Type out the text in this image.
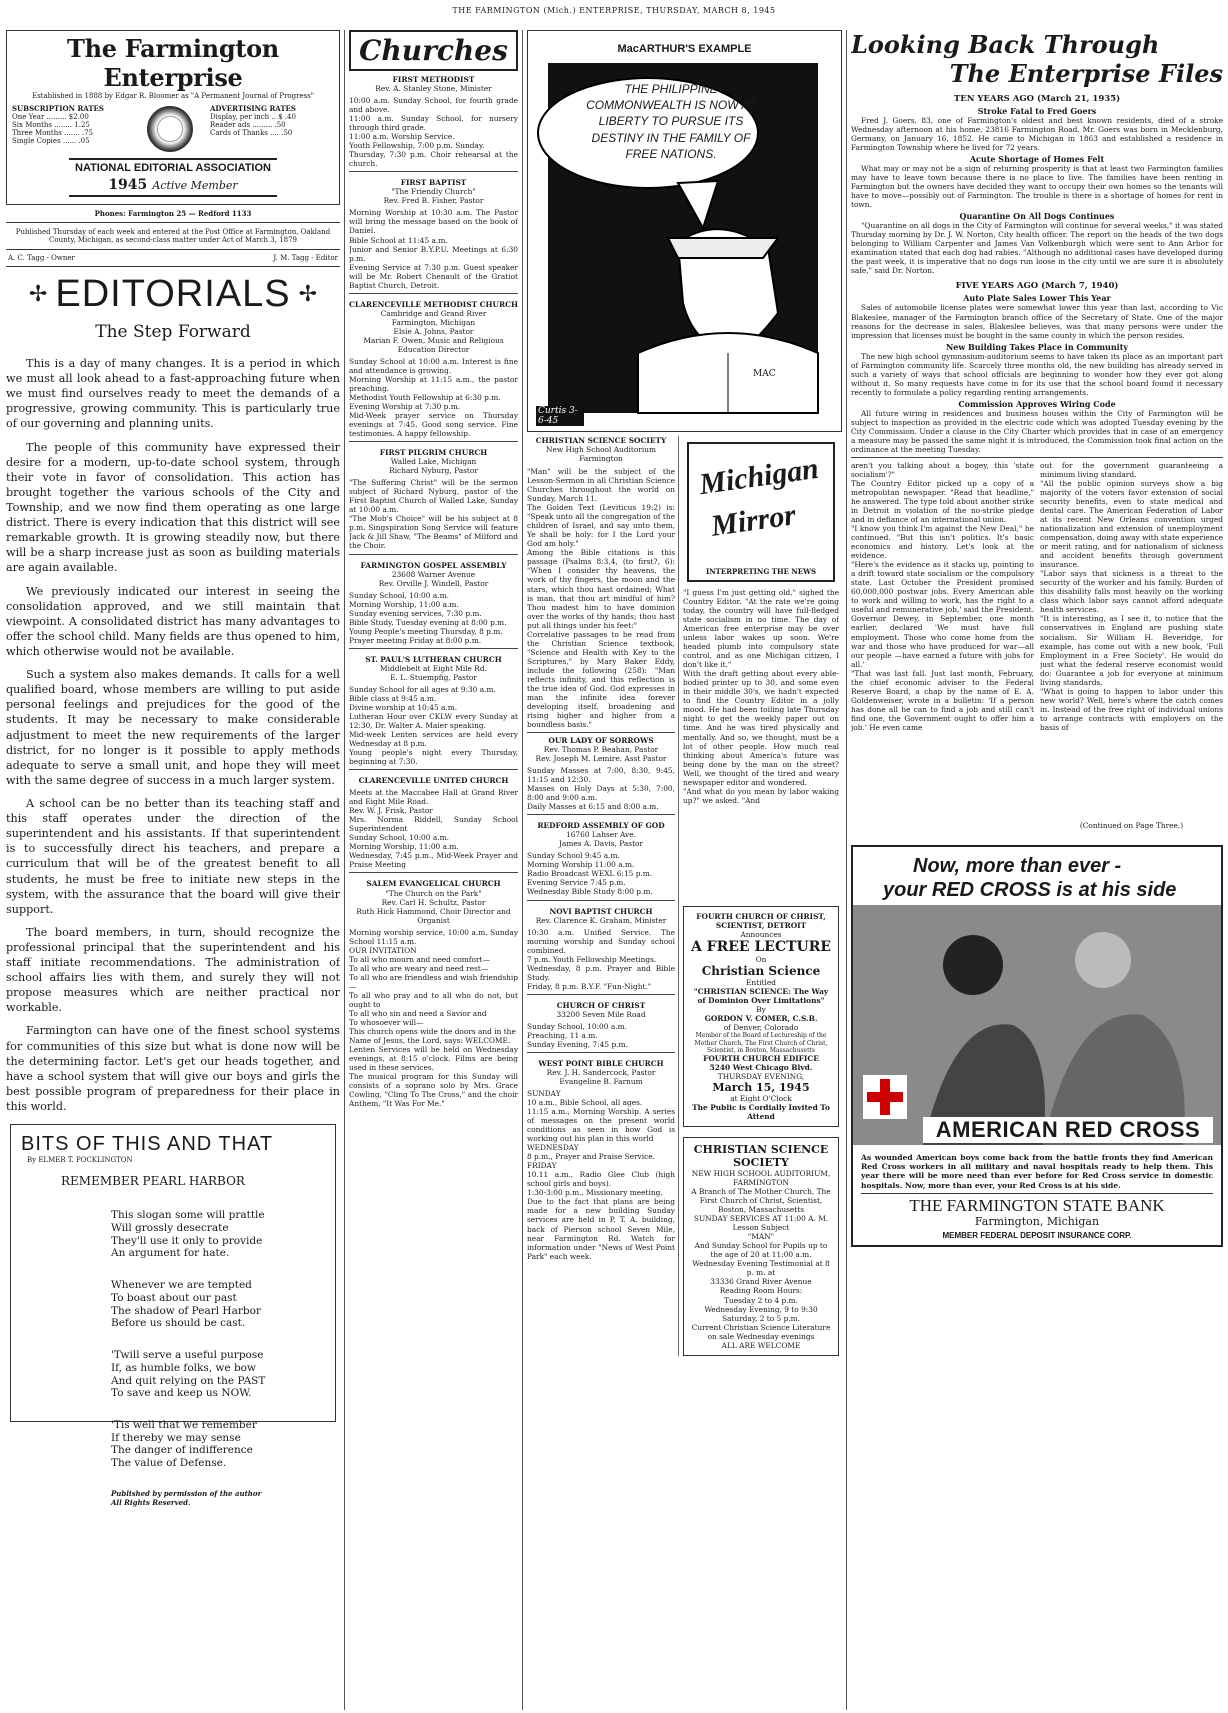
THE FARMINGTON (Mich.) ENTERPRISE, THURSDAY, MARCH 8, 1945
The Farmington Enterprise
Established in 1888 by Edgar R. Bloomer as "A Permanent Journal of Progress"
SUBSCRIPTION RATES
One Year ......... $2.00
Six Months ........ 1.25
Three Months ....... .75
Single Copies ...... .05
ADVERTISING RATES
Display, per inch .. $ .40
Reader ads ......... .50
Cards of Thanks .... .50
NATIONAL EDITORIAL ASSOCIATION
1945 Active Member
Phones: Farmington 25 — Redford 1133
Published Thursday of each week and entered at the Post Office at Farmington, Oakland County, Michigan, as second-class matter under Act of March 3, 1879
A. C. Tagg - Owner	J. M. Tagg - Editor
✢ EDITORIALS ✢
The Step Forward

This is a day of many changes. It is a period in which we must all look ahead to a fast-approaching future when we must find ourselves ready to meet the demands of a progressive, growing community. This is particularly true of our governing and planning units.

The people of this community have expressed their desire for a modern, up-to-date school system, through their vote in favor of consolidation. This action has brought together the various schools of the City and Township, and we now find them operating as one large district. There is every indication that this district will see remarkable growth. It is growing steadily now, but there will be a sharp increase just as soon as building materials are again available.

We previously indicated our interest in seeing the consolidation approved, and we still maintain that viewpoint. A consolidated district has many advantages to offer the school child. Many fields are thus opened to him, which otherwise would not be available.

Such a system also makes demands. It calls for a well qualified board, whose members are willing to put aside personal feelings and prejudices for the good of the students. It may be necessary to make considerable adjustment to meet the new requirements of the larger district, for no longer is it possible to apply methods adequate to serve a small unit, and hope they will meet with the same degree of success in a much larger system.

A school can be no better than its teaching staff and this staff operates under the direction of the superintendent and his assistants. If that superintendent is to successfully direct his teachers, and prepare a curriculum that will be of the greatest benefit to all students, he must be free to initiate new steps in the system, with the assurance that the board will give their support.

The board members, in turn, should recognize the professional principal that the superintendent and his staff initiate recommendations. The administration of school affairs lies with them, and surely they will not propose measures which are neither practical nor workable.

Farmington can have one of the finest school systems for communities of this size but what is done now will be the determining factor. Let's get our heads together, and have a school system that will give our boys and girls the best possible program of preparedness for their place in this world.

BITS OF THIS AND THAT
By ELMER T. POCKLINGTON
REMEMBER PEARL HARBOR

This slogan some will prattle
Will grossly desecrate
They'll use it only to provide
An argument for hate.

Whenever we are tempted
To boast about our past
The shadow of Pearl Harbor
Before us should be cast.

'Twill serve a useful purpose
If, as humble folks, we bow
And quit relying on the PAST
To save and keep us NOW.

'Tis well that we remember
If thereby we may sense
The danger of indifference
The value of Defense.

Published by permission of the author
All Rights Reserved.
Churches
FIRST METHODIST
Rev. A. Stanley Stone, Minister
10:00 a.m. Sunday School, for fourth grade and above.
11:00 a.m. Sunday School, for nursery through third grade.
11:00 a.m. Worship Service.
Youth Fellowship, 7:00 p.m. Sunday.
Thursday, 7:30 p.m. Choir rehearsal at the church.
FIRST BAPTIST
"The Friendly Church"
Rev. Fred B. Fisher, Pastor
Morning Worship at 10:30 a.m. The Pastor will bring the message based on the book of Daniel.
Bible School at 11:45 a.m.
Junior and Senior B.Y.P.U. Meetings at 6:30 p.m.
Evening Service at 7:30 p.m. Guest speaker will be Mr. Robert Chenault of the Gratiot Baptist Church, Detroit.
CLARENCEVILLE METHODIST CHURCH
Cambridge and Grand River
Farmington, Michigan
Elsie A. Johns, Pastor
Marian F. Owen, Music and Religious Education Director
Sunday School at 10:00 a.m. Interest is fine and attendance is growing.
Morning Worship at 11:15 a.m., the pastor preaching.
Methodist Youth Fellowship at 6:30 p.m.
Evening Worship at 7:30 p.m.
Mid-Week prayer service on Thursday evenings at 7:45. Good song service. Fine testimonies. A happy fellowship.
FIRST PILGRIM CHURCH
Walled Lake, Michigan
Richard Nyburg, Pastor
"The Suffering Christ" will be the sermon subject of Richard Nyburg, pastor of the First Baptist Church of Walled Lake, Sunday at 10:00 a.m.
"The Mob's Choice" will be his subject at 8 p.m. Singspiration Song Service will feature Jack & Jill Shaw, "The Beams" of Milford and the Choir.
FARMINGTON GOSPEL ASSEMBLY
23608 Warner Avenue
Rev. Orville J. Windell, Pastor
Sunday School, 10:00 a.m.
Morning Worship, 11:00 a.m.
Sunday evening services, 7:30 p.m.
Bible Study, Tuesday evening at 8:00 p.m.
Young People's meeting Thursday, 8 p.m.
Prayer meeting Friday at 8:00 p.m.
ST. PAUL'S LUTHERAN CHURCH
Middlebelt at Eight Mile Rd.
E. L. Stuempfig, Pastor
Sunday School for all ages at 9:30 a.m.
Bible class at 9:45 a.m.
Divine worship at 10:45 a.m.
Lutheran Hour over CKLW every Sunday at 12:30, Dr. Walter A. Maier speaking.
Mid-week Lenten services are held every Wednesday at 8 p.m.
Young people's night every Thursday, beginning at 7:30.
CLARENCEVILLE UNITED CHURCH
Meets at the Maccabee Hall at Grand River and Eight Mile Road.
Rev. W. J. Frisk, Pastor
Mrs. Norma Riddell, Sunday School Superintendent
Sunday School, 10:00 a.m.
Morning Worship, 11:00 a.m.
Wednesday, 7:45 p.m., Mid-Week Prayer and Praise Meeting
SALEM EVANGELICAL CHURCH
"The Church on the Park"
Rev. Carl H. Schultz, Pastor
Ruth Hick Hammond, Choir Director and Organist
Morning worship service, 10:00 a.m. Sunday School 11:15 a.m.
OUR INVITATION
To all who mourn and need comfort—
To all who are weary and need rest—
To all who are friendless and wish friendship—
To all who pray and to all who do not, but ought to
To all who sin and need a Savior and
To whosoever will—
This church opens wide the doors and in the
Name of Jesus, the Lord, says: WELCOME.
Lenten Services will be held on Wednesday evenings, at 8:15 o'clock. Films are being used in these services.
The musical program for this Sunday will consists of a soprano solo by Mrs. Grace Cowling, "Cling To The Cross," and the choir Anthem, "It Was For Me."
MacARTHUR'S EXAMPLE
THE PHILIPPINE COMMONWEALTH IS NOW AT LIBERTY TO PURSUE ITS DESTINY IN THE FAMILY OF FREE NATIONS.
MAC
Curtis 3-6-45	C.E.L.
CHRISTIAN SCIENCE SOCIETY
New High School Auditorium
Farmington
"Man" will be the subject of the Lesson-Sermon in all Christian Science Churches throughout the world on Sunday, March 11.
The Golden Text (Leviticus 19:2) is: "Speak unto all the congregation of the children of Israel, and say unto them, Ye shall be holy: for I the Lord your God am holy."
Among the Bible citations is this passage (Psalms 8:3,4, (to first?, 6): "When I consider thy heavens, the work of thy fingers, the moon and the stars, which thou hast ordained; What is man, that thou art mindful of him? Thou madest him to have dominion over the works of thy hands; thou hast put all things under his feet:"
Correlative passages to be read from the Christian Science textbook, "Science and Health with Key to the Scriptures," by Mary Baker Eddy, include the following (258): "Man reflects infinity, and this reflection is the true idea of God. God expresses in man the infinite idea forever developing itself, broadening and rising higher and higher from a boundless basis."
OUR LADY OF SORROWS
Rev. Thomas P. Beahan, Pastor
Rev. Joseph M. Lemire, Asst Pastor
Sunday Masses at 7:00, 8:30, 9:45, 11:15 and 12:30.
Masses on Holy Days at 5:30, 7:00, 8:00 and 9:00 a.m.
Daily Masses at 6:15 and 8:00 a.m.
REDFORD ASSEMBLY OF GOD
16760 Lahser Ave.
James A. Davis, Pastor
Sunday School 9:45 a.m.
Morning Worship 11:00 a.m.
Radio Broadcast WEXL 6:15 p.m.
Evening Service 7:45 p.m.
Wednesday Bible Study 8:00 p.m.
NOVI BAPTIST CHURCH
Rev. Clarence K. Graham, Minister
10:30 a.m. Unified Service. The morning worship and Sunday school combined.
7 p.m. Youth Fellowship Meetings.
Wednesday, 8 p.m. Prayer and Bible Study.
Friday, 8 p.m. B.Y.F. "Fun-Night."
CHURCH OF CHRIST
33200 Seven Mile Road
Sunday School, 10:00 a.m.
Preaching, 11 a.m.
Sunday Evening, 7:45 p.m.
WEST POINT BIBLE CHURCH
Rev. J. H. Sandercock, Pastor
Evangeline B. Farnum
SUNDAY
10 a.m., Bible School, all ages.
11:15 a.m., Morning Worship. A series of messages on the present world conditions as seen in how God is working out his plan in this world
WEDNESDAY
8 p.m., Prayer and Praise Service.
FRIDAY
10.11 a.m., Radio Glee Club (high school girls and boys).
1:30-3:00 p.m., Missionary meeting.
Due to the fact that plans are being made for a new building Sunday services are held in P. T. A. building, back of Pierson school Seven Mile, near Farmington Rd. Watch for information under "News of West Point Park" each week.
Michigan
Mirror
INTERPRETING THE NEWS
"I guess I'm just getting old," sighed the Country Editor. "At the rate we're going today, the country will have full-fledged state socialism in no time. The day of American free enterprise may be over unless labor wakes up soon. We're headed plumb into compulsory state control, and as one Michigan citizen, I don't like it."
With the draft getting about every able-bodied printer up to 30, and some even in their middle 30's, we hadn't expected to find the Country Editor in a jolly mood. He had been toiling late Thursday night to get the weekly paper out on time. And he was tired physically and mentally. And so, we thought, must be a lot of other people. How much real thinking about America's future was being done by the man on the street? Well, we thought of the tired and weary newspaper editor and wondered.
"And what do you mean by labor waking up?" we asked. "And
FOURTH CHURCH OF CHRIST, SCIENTIST, DETROIT
Announces
A FREE LECTURE
On
Christian Science
Entitled
"CHRISTIAN SCIENCE: The Way of Dominion Over Limitations"
By
GORDON V. COMER, C.S.B.
of Denver, Colorado
Member of the Board of Lectureship of the Mother Church, The First Church of Christ, Scientist, in Boston, Massachusetts
FOURTH CHURCH EDIFICE
5240 West Chicago Blvd.
THURSDAY EVENING,
March 15, 1945
at Eight O'Clock
The Public is Cordially Invited To Attend
CHRISTIAN SCIENCE SOCIETY
NEW HIGH SCHOOL AUDITORIUM, FARMINGTON
A Branch of The Mother Church, The First Church of Christ, Scientist, Boston, Massachusetts
SUNDAY SERVICES AT 11:00 A. M.
Lesson Subject
"MAN"
And Sunday School for Pupils up to the age of 20 at 11:00 a.m.
Wednesday Evening Testimonial at 8 p. m. at
33336 Grand River Avenue
Reading Room Hours:
Tuesday 2 to 4 p.m.
Wednesday Evening, 9 to 9:30
Saturday, 2 to 5 p.m.
Current Christian Science Literature on sale Wednesday evenings
ALL ARE WELCOME
Looking Back Through
The Enterprise Files
TEN YEARS AGO (March 21, 1935)
Stroke Fatal to Fred Goers
Fred J. Goers, 83, one of Farmington's oldest and best known residents, died of a stroke Wednesday afternoon at his home, 23816 Farmington Road. Mr. Goers was born in Mecklenburg, Germany, on January 16, 1852. He came to Michigan in 1863 and established a residence in Farmington Township where he lived for 72 years.
Acute Shortage of Homes Felt
What may or may not be a sign of returning prosperity is that at least two Farmington families may have to leave town because there is no place to live. The families have been renting in Farmington but the owners have decided they want to occupy their own homes so the tenants will have to move—possibly out of Farmington. The trouble is there is a shortage of homes for rent in town.
Quarantine On All Dogs Continues
"Quarantine on all dogs in the City of Farmington will continue for several weeks," it was stated Thursday morning by Dr. J. W. Norton, City health officer. The report on the heads of the two dogs belonging to William Carpenter and James Van Volkenburgh which were sent to Ann Arbor for examination stated that each dog had rabies. "Although no additional cases have developed during the past week, it is imperative that no dogs run loose in the city until we are sure it is absolutely safe," said Dr. Norton.
FIVE YEARS AGO (March 7, 1940)
Auto Plate Sales Lower This Year
Sales of automobile license plates were somewhat lower this year than last, according to Vic Blakeslee, manager of the Farmington branch office of the Secretary of State. One of the major reasons for the decrease in sales, Blakeslee believes, was that many persons were under the impression that licenses must be bought in the same county in which the person resides.
New Building Takes Place in Community
The new high school gymnasium-auditorium seems to have taken its place as an important part of Farmington community life. Scarcely three months old, the new building has already served in such a variety of ways that school officials are beginning to wonder how they ever got along without it. So many requests have come in for its use that the school board found it necessary recently to formulate a policy regarding renting arrangements.
Commission Approves Wiring Code
All future wiring in residences and business houses within the City of Farmington will be subject to inspection as provided in the electric code which was adopted Tuesday evening by the City Commission. Under a clause in the City Charter which provides that in case of an emergency a measure may be passed the same night it is introduced, the Commission took final action on the ordinance at the meeting Tuesday.
aren't you talking about a bogey, this 'state socialism'?"
The Country Editor picked up a copy of a metropolitan newspaper. "Read that headline," he answered. The type told about another strike in Detroit in violation of the no-strike pledge and in defiance of an international union.
"I know you think I'm against the New Deal," he continued. "But this isn't politics. It's basic economics and history. Let's look at the evidence.
"Here's the evidence as it stacks up, pointing to a drift toward state socialism or the compulsory state. Last October the President promised 60,000,000 postwar jobs. Every American able to work and willing to work, has the right to a useful and remunerative job,' said the President. Governor Dewey, in September, one month earlier, declared 'We must have full employment. Those who come home from the war and those who have produced for war—all our people —have earned a future with jobs for all.'
"That was last fall. Just last month, February, the chief economic adviser to the Federal Reserve Board, a chap by the name of E. A. Goldenweiser, wrote in a bulletin: 'If a person has done all he can to find a job and still can't find one, the Government ought to offer him a job.' He even came
out for the government guaranteeing a minimum living standard.
"All the public opinion surveys show a big majority of the voters favor extension of social security benefits, even to state medical and dental care. The American Federation of Labor at its recent New Orleans convention urged nationalization and extension of unemployment compensation, doing away with state experience or merit rating, and for nationalism of sickness and accident benefits through government insurance.
"Labor says that sickness is a threat to the security of the worker and his family. Burden of this disability falls most heavily on the working class which labor says cannot afford adequate health services.
"It is interesting, as I see it, to notice that the conservatives in England are pushing state socialism. Sir William H. Beveridge, for example, has come out with a new book, 'Full Employment in a Free Society'. He would do just what the federal reserve economist would do: Guarantee a job for everyone at minimum living standards.
"What is going to happen to labor under this new world? Well, here's where the catch comes in. Instead of the free right of individual unions to arrange contracts with employers on the basis of
(Continued on Page Three.)
Now, more than ever -
your RED CROSS is at his side
AMERICAN RED CROSS
As wounded American boys come back from the battle fronts they find American Red Cross workers in all military and naval hospitals ready to help them. This year there will be more need than ever before for Red Cross service in domestic hospitals. Now, more than ever, your Red Cross is at his side.
THE FARMINGTON STATE BANK
Farmington, Michigan
MEMBER FEDERAL DEPOSIT INSURANCE CORP.
